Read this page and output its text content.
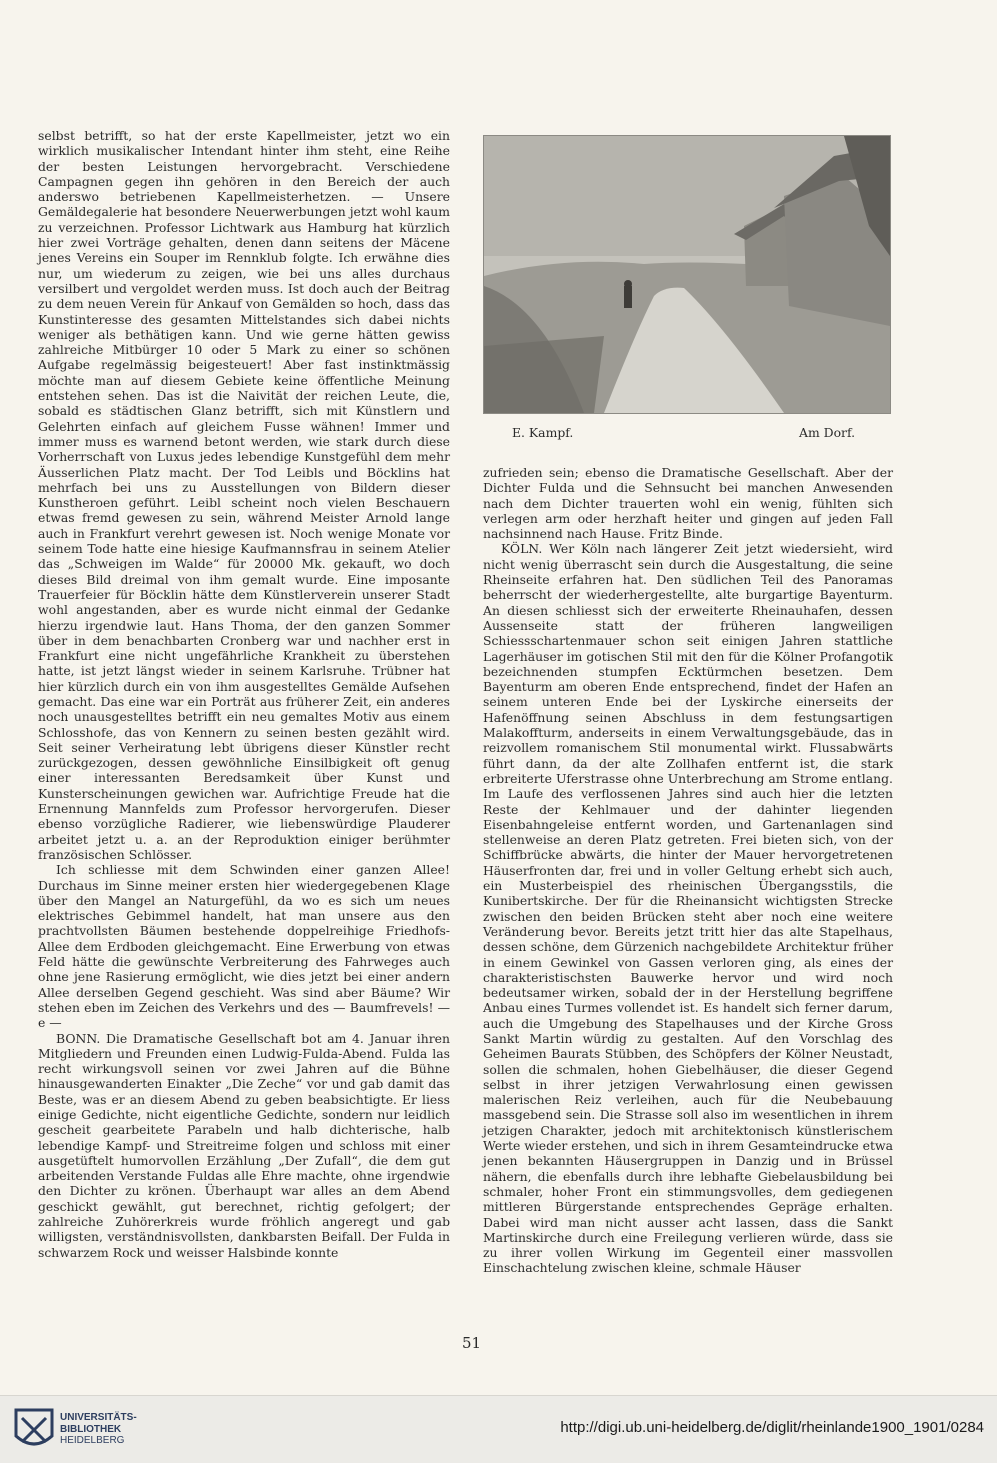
selbst betrifft, so hat der erste Kapellmeister, jetzt wo ein wirklich musikalischer Intendant hinter ihm steht, eine Reihe der besten Leistungen hervorgebracht. Verschiedene Campagnen gegen ihn gehören in den Bereich der auch anderswo betriebenen Kapellmeisterhetzen. — Unsere Gemäldegalerie hat besondere Neuerwerbungen jetzt wohl kaum zu verzeichnen. Professor Lichtwark aus Hamburg hat kürzlich hier zwei Vorträge gehalten, denen dann seitens der Mäcene jenes Vereins ein Souper im Rennklub folgte. Ich erwähne dies nur, um wiederum zu zeigen, wie bei uns alles durchaus versilbert und vergoldet werden muss. Ist doch auch der Beitrag zu dem neuen Verein für Ankauf von Gemälden so hoch, dass das Kunstinteresse des gesamten Mittelstandes sich dabei nichts weniger als bethätigen kann. Und wie gerne hätten gewiss zahlreiche Mitbürger 10 oder 5 Mark zu einer so schönen Aufgabe regelmässig beigesteuert! Aber fast instinktmässig möchte man auf diesem Gebiete keine öffentliche Meinung entstehen sehen. Das ist die Naivität der reichen Leute, die, sobald es städtischen Glanz betrifft, sich mit Künstlern und Gelehrten einfach auf gleichem Fusse wähnen! Immer und immer muss es warnend betont werden, wie stark durch diese Vorherrschaft von Luxus jedes lebendige Kunstgefühl dem mehr Äusserlichen Platz macht. Der Tod Leibls und Böcklins hat mehrfach bei uns zu Ausstellungen von Bildern dieser Kunstheroen geführt. Leibl scheint noch vielen Beschauern etwas fremd gewesen zu sein, während Meister Arnold lange auch in Frankfurt verehrt gewesen ist. Noch wenige Monate vor seinem Tode hatte eine hiesige Kaufmannsfrau in seinem Atelier das „Schweigen im Walde“ für 20000 Mk. gekauft, wo doch dieses Bild dreimal von ihm gemalt wurde. Eine imposante Trauerfeier für Böcklin hätte dem Künstlerverein unserer Stadt wohl angestanden, aber es wurde nicht einmal der Gedanke hierzu irgendwie laut. Hans Thoma, der den ganzen Sommer über in dem benachbarten Cronberg war und nachher erst in Frankfurt eine nicht ungefährliche Krankheit zu überstehen hatte, ist jetzt längst wieder in seinem Karlsruhe. Trübner hat hier kürzlich durch ein von ihm ausgestelltes Gemälde Aufsehen gemacht. Das eine war ein Porträt aus früherer Zeit, ein anderes noch unausgestelltes betrifft ein neu gemaltes Motiv aus einem Schlosshofe, das von Kennern zu seinen besten gezählt wird. Seit seiner Verheiratung lebt übrigens dieser Künstler recht zurückgezogen, dessen gewöhnliche Einsilbigkeit oft genug einer interessanten Beredsamkeit über Kunst und Kunsterscheinungen gewichen war. Aufrichtige Freude hat die Ernennung Mannfelds zum Professor hervorgerufen. Dieser ebenso vorzügliche Radierer, wie liebenswürdige Plauderer arbeitet jetzt u. a. an der Reproduktion einiger berühmter französischen Schlösser.

Ich schliesse mit dem Schwinden einer ganzen Allee! Durchaus im Sinne meiner ersten hier wiedergegebenen Klage über den Mangel an Naturgefühl, da wo es sich um neues elektrisches Gebimmel handelt, hat man unsere aus den prachtvollsten Bäumen bestehende doppelreihige Friedhofs-Allee dem Erdboden gleichgemacht. Eine Erwerbung von etwas Feld hätte die gewünschte Verbreiterung des Fahrweges auch ohne jene Rasierung ermöglicht, wie dies jetzt bei einer andern Allee derselben Gegend geschieht. Was sind aber Bäume? Wir stehen eben im Zeichen des Verkehrs und des — Baumfrevels! — e —

BONN. Die Dramatische Gesellschaft bot am 4. Januar ihren Mitgliedern und Freunden einen Ludwig-Fulda-Abend. Fulda las recht wirkungsvoll seinen vor zwei Jahren auf die Bühne hinausgewanderten Einakter „Die Zeche“ vor und gab damit das Beste, was er an diesem Abend zu geben beabsichtigte. Er liess einige Gedichte, nicht eigentliche Gedichte, sondern nur leidlich gescheit gearbeitete Parabeln und halb dichterische, halb lebendige Kampf- und Streitreime folgen und schloss mit einer ausgetüftelt humorvollen Erzählung „Der Zufall“, die dem gut arbeitenden Verstande Fuldas alle Ehre machte, ohne irgendwie den Dichter zu krönen. Überhaupt war alles an dem Abend geschickt gewählt, gut berechnet, richtig gefolgert; der zahlreiche Zuhörerkreis wurde fröhlich angeregt und gab willigsten, verständnisvollsten, dankbarsten Beifall. Der Fulda in schwarzem Rock und weisser Halsbinde konnte

E. Kampf.	Am Dorf.

zufrieden sein; ebenso die Dramatische Gesellschaft. Aber der Dichter Fulda und die Sehnsucht bei manchen Anwesenden nach dem Dichter trauerten wohl ein wenig, fühlten sich verlegen arm oder herzhaft heiter und gingen auf jeden Fall nachsinnend nach Hause. Fritz Binde.

KÖLN. Wer Köln nach längerer Zeit jetzt wiedersieht, wird nicht wenig überrascht sein durch die Ausgestaltung, die seine Rheinseite erfahren hat. Den südlichen Teil des Panoramas beherrscht der wiederhergestellte, alte burgartige Bayenturm. An diesen schliesst sich der erweiterte Rheinauhafen, dessen Aussenseite statt der früheren langweiligen Schiessschartenmauer schon seit einigen Jahren stattliche Lagerhäuser im gotischen Stil mit den für die Kölner Profangotik bezeichnenden stumpfen Ecktürmchen besetzen. Dem Bayenturm am oberen Ende entsprechend, findet der Hafen an seinem unteren Ende bei der Lyskirche einerseits der Hafenöffnung seinen Abschluss in dem festungsartigen Malakoffturm, anderseits in einem Verwaltungsgebäude, das in reizvollem romanischem Stil monumental wirkt. Flussabwärts führt dann, da der alte Zollhafen entfernt ist, die stark erbreiterte Uferstrasse ohne Unterbrechung am Strome entlang. Im Laufe des verflossenen Jahres sind auch hier die letzten Reste der Kehlmauer und der dahinter liegenden Eisenbahngeleise entfernt worden, und Gartenanlagen sind stellenweise an deren Platz getreten. Frei bieten sich, von der Schiffbrücke abwärts, die hinter der Mauer hervorgetretenen Häuserfronten dar, frei und in voller Geltung erhebt sich auch, ein Musterbeispiel des rheinischen Übergangsstils, die Kunibertskirche. Der für die Rheinansicht wichtigsten Strecke zwischen den beiden Brücken steht aber noch eine weitere Veränderung bevor. Bereits jetzt tritt hier das alte Stapelhaus, dessen schöne, dem Gürzenich nachgebildete Architektur früher in einem Gewinkel von Gassen verloren ging, als eines der charakteristischsten Bauwerke hervor und wird noch bedeutsamer wirken, sobald der in der Herstellung begriffene Anbau eines Turmes vollendet ist. Es handelt sich ferner darum, auch die Umgebung des Stapelhauses und der Kirche Gross Sankt Martin würdig zu gestalten. Auf den Vorschlag des Geheimen Baurats Stübben, des Schöpfers der Kölner Neustadt, sollen die schmalen, hohen Giebelhäuser, die dieser Gegend selbst in ihrer jetzigen Verwahrlosung einen gewissen malerischen Reiz verleihen, auch für die Neubebauung massgebend sein. Die Strasse soll also im wesentlichen in ihrem jetzigen Charakter, jedoch mit architektonisch künstlerischem Werte wieder erstehen, und sich in ihrem Gesamteindrucke etwa jenen bekannten Häusergruppen in Danzig und in Brüssel nähern, die ebenfalls durch ihre lebhafte Giebelausbildung bei schmaler, hoher Front ein stimmungsvolles, dem gediegenen mittleren Bürgerstande entsprechendes Gepräge erhalten. Dabei wird man nicht ausser acht lassen, dass die Sankt Martinskirche durch eine Freilegung verlieren würde, dass sie zu ihrer vollen Wirkung im Gegenteil einer massvollen Einschachtelung zwischen kleine, schmale Häuser

51
UNIVERSITÄTS-
BIBLIOTHEK
HEIDELBERG
http://digi.ub.uni-heidelberg.de/diglit/rheinlande1900_1901/0284
